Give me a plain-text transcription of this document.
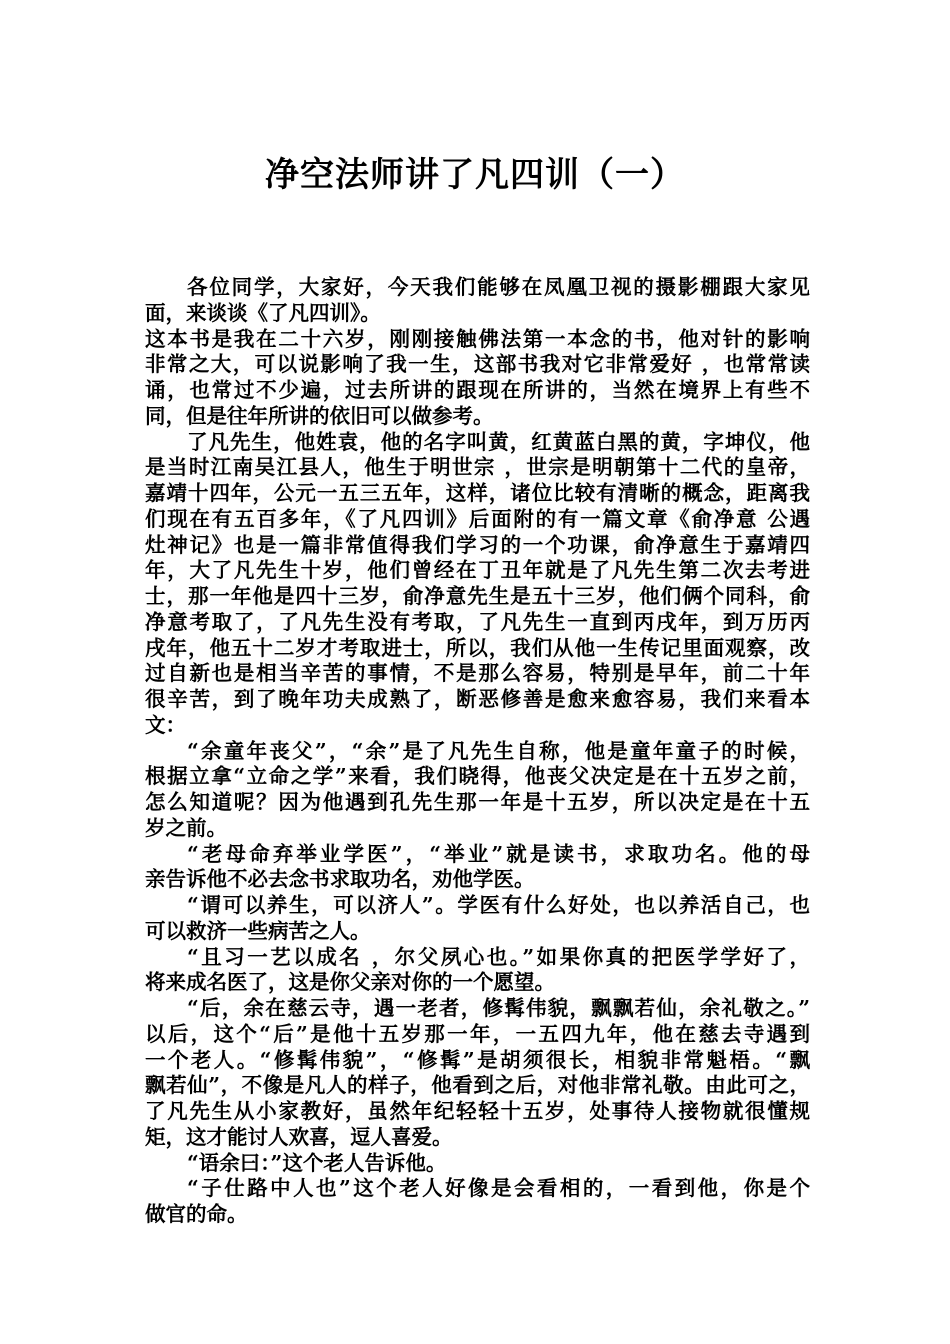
净空法师讲了凡四训（一）
各位同学，大家好，今天我们能够在凤凰卫视的摄影棚跟大家见
面，来谈谈《了凡四训》。
这本书是我在二十六岁，刚刚接触佛法第一本念的书，他对针的影响
非常之大，可以说影响了我一生，这部书我对它非常爱好 ，也常常读
诵，也常过不少遍，过去所讲的跟现在所讲的，当然在境界上有些不
同，但是往年所讲的依旧可以做参考。
了凡先生，他姓袁，他的名字叫黄，红黄蓝白黑的黄，字坤仪，他
是当时江南吴江县人，他生于明世宗 ，世宗是明朝第十二代的皇帝，
嘉靖十四年，公元一五三五年，这样，诸位比较有清晰的概念，距离我
们现在有五百多年，《了凡四训》后面附的有一篇文章《俞净意 公遇
灶神记》也是一篇非常值得我们学习的一个功课，俞净意生于嘉靖四
年，大了凡先生十岁，他们曾经在丁丑年就是了凡先生第二次去考进
士，那一年他是四十三岁，俞净意先生是五十三岁，他们俩个同科，俞
净意考取了，了凡先生没有考取，了凡先生一直到丙戌年，到万历丙
戌年，他五十二岁才考取进士，所以，我们从他一生传记里面观察，改
过自新也是相当辛苦的事情，不是那么容易，特别是早年，前二十年
很辛苦，到了晚年功夫成熟了，断恶修善是愈来愈容易，我们来看本
文：
“余童年丧父”，“余”是了凡先生自称，他是童年童子的时候，
根据立拿“立命之学”来看，我们晓得，他丧父决定是在十五岁之前，
怎么知道呢？因为他遇到孔先生那一年是十五岁，所以决定是在十五
岁之前。
“老母命弃举业学医”，“举业”就是读书，求取功名。他的母
亲告诉他不必去念书求取功名，劝他学医。
“谓可以养生，可以济人”。学医有什么好处，也以养活自己，也
可以救济一些病苦之人。
“且习一艺以成名 ，尔父夙心也。”如果你真的把医学学好了，
将来成名医了，这是你父亲对你的一个愿望。
“后，余在慈云寺，遇一老者，修髯伟貌，飘飘若仙，余礼敬之。”
以后，这个“后”是他十五岁那一年，一五四九年，他在慈去寺遇到
一个老人。“修髯伟貌”，“修髯”是胡须很长，相貌非常魁梧。“飘
飘若仙”，不像是凡人的样子，他看到之后，对他非常礼敬。由此可之，
了凡先生从小家教好，虽然年纪轻轻十五岁，处事待人接物就很懂规
矩，这才能讨人欢喜，逗人喜爱。
“语余曰：”这个老人告诉他。
“子仕路中人也”这个老人好像是会看相的，一看到他，你是个
做官的命。
